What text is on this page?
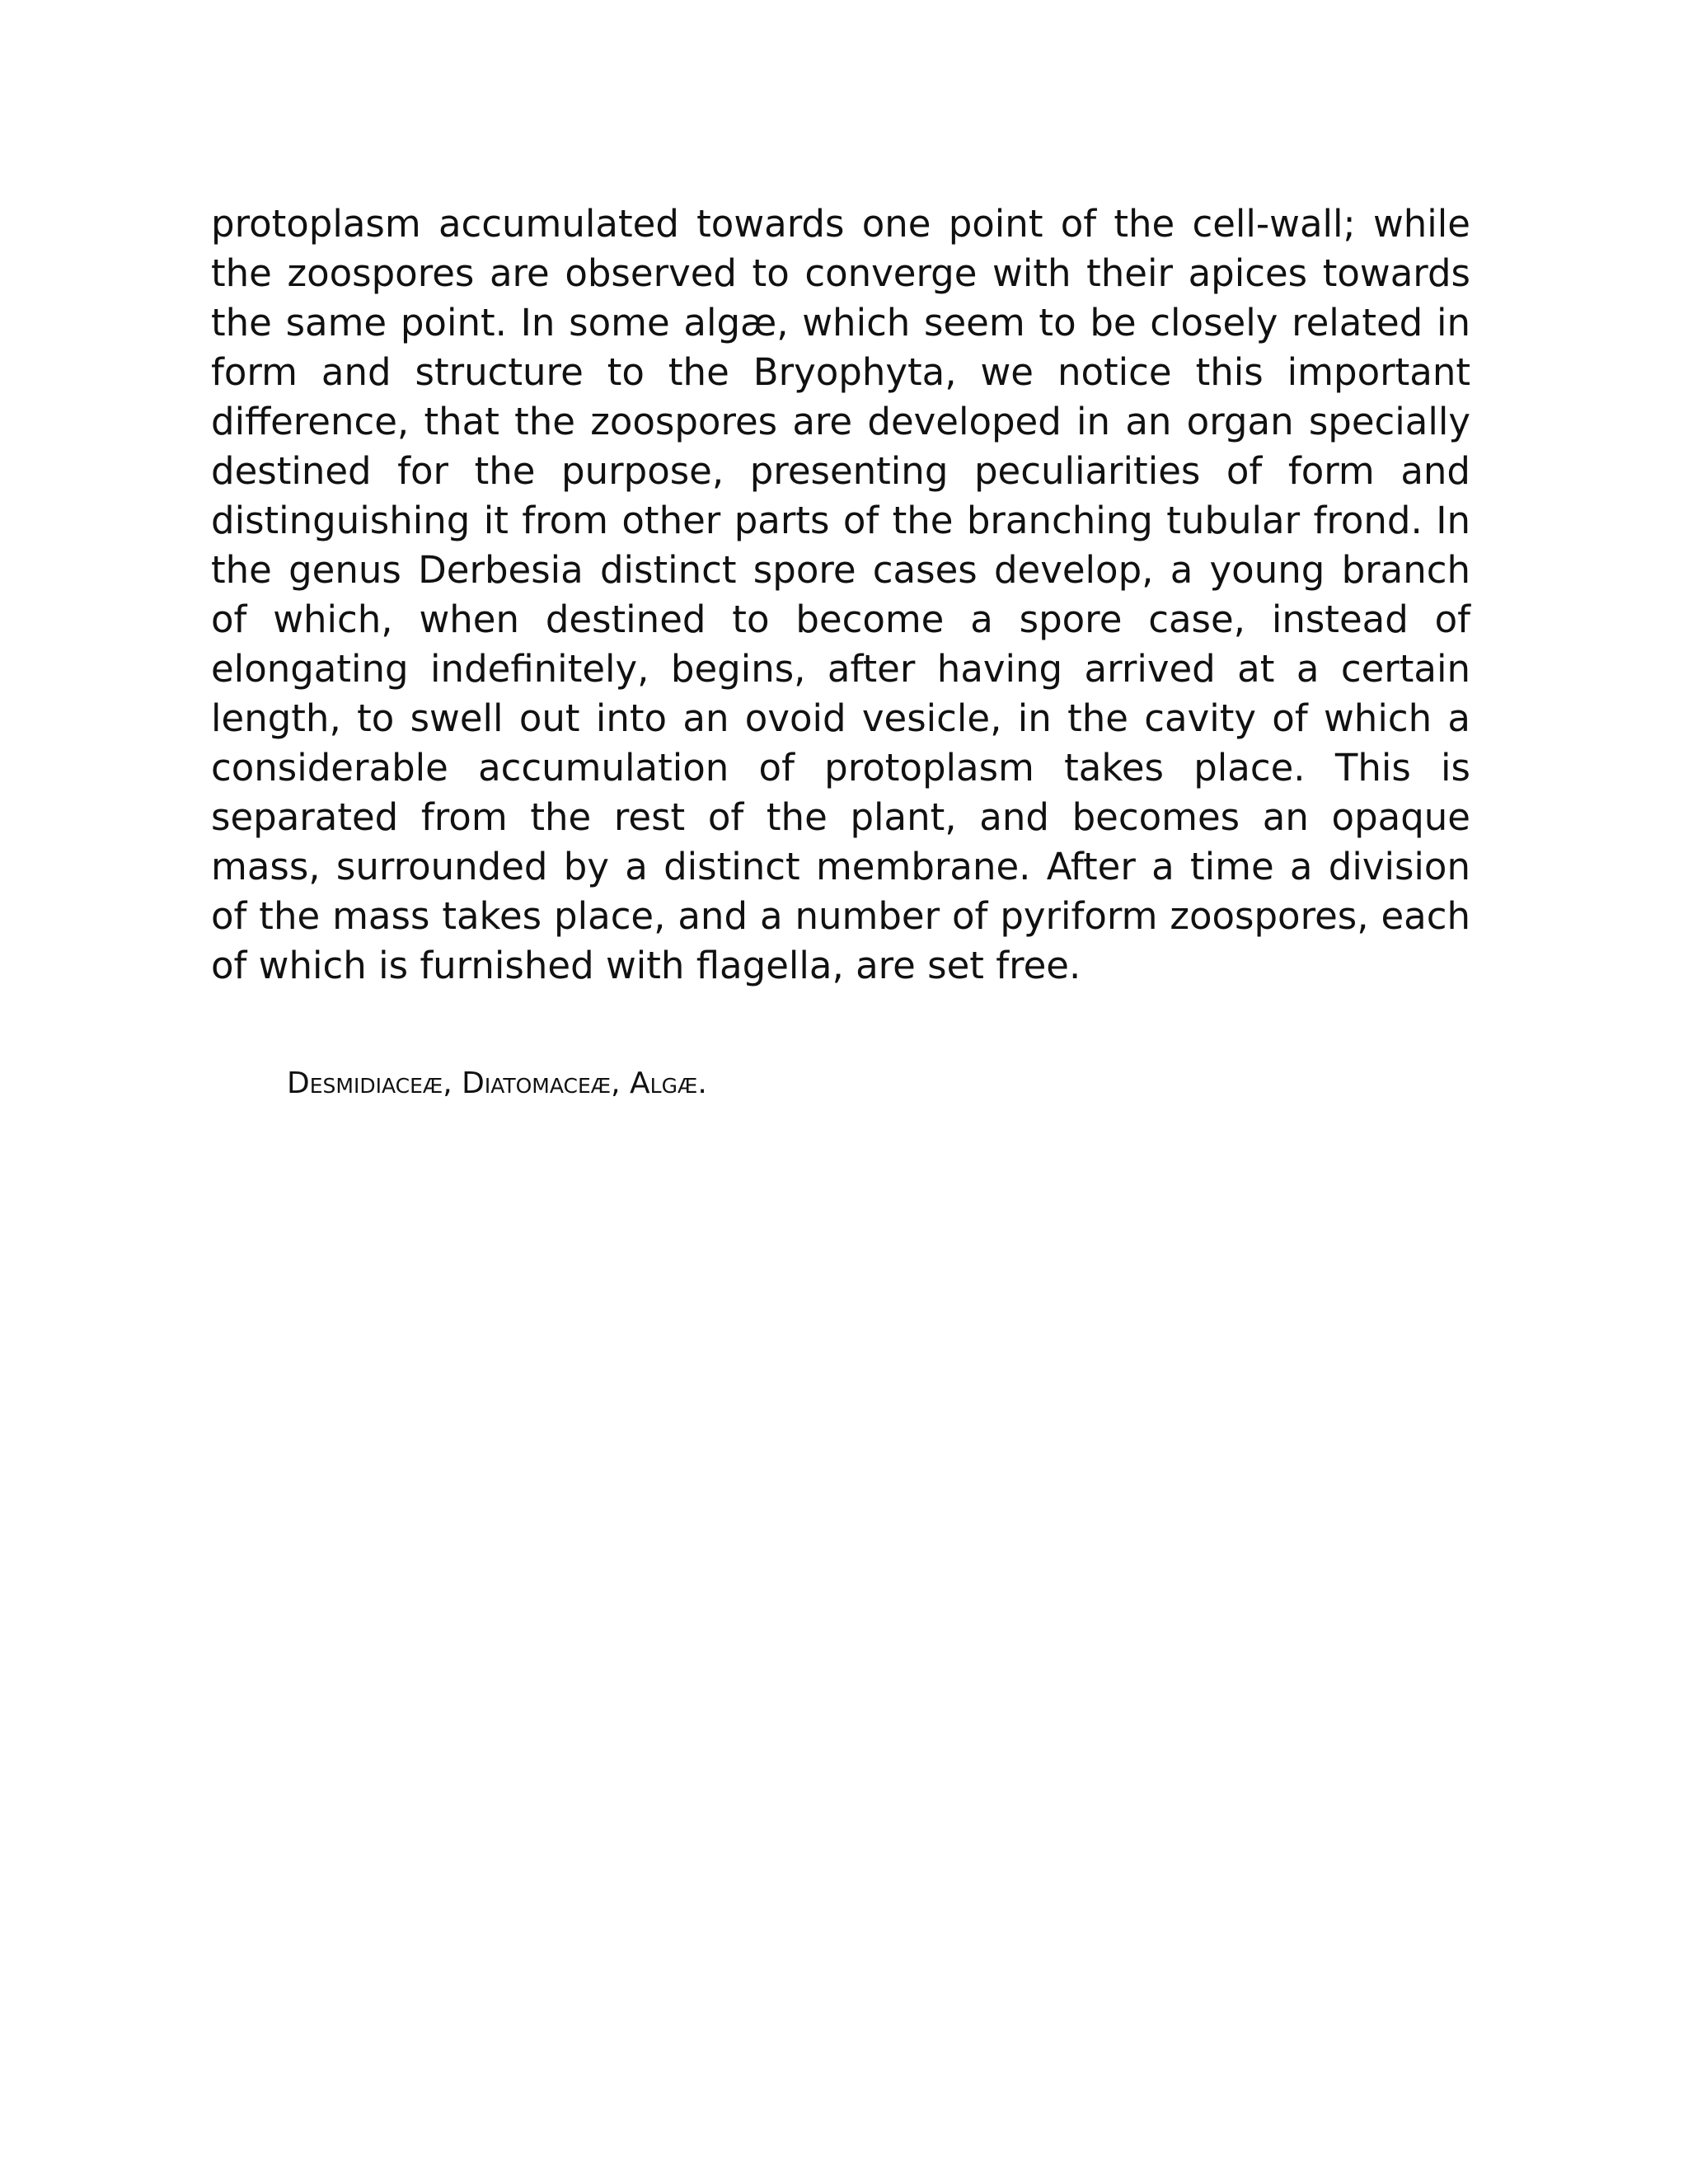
protoplasm accumulated towards one point of the cell-wall; while the zoospores are observed to converge with their apices towards the same point. In some algæ, which seem to be closely related in form and structure to the Bryophyta, we notice this important difference, that the zoospores are developed in an organ specially destined for the purpose, presenting peculiarities of form and distinguishing it from other parts of the branching tubular frond. In the genus Derbesia distinct spore cases develop, a young branch of which, when destined to become a spore case, instead of elongating indefinitely, begins, after having arrived at a certain length, to swell out into an ovoid vesicle, in the cavity of which a considerable accumulation of protoplasm takes place. This is separated from the rest of the plant, and becomes an opaque mass, surrounded by a distinct membrane. After a time a division of the mass takes place, and a number of pyriform zoospores, each of which is furnished with flagella, are set free.

Desmidiaceæ, Diatomaceæ, Algæ.
